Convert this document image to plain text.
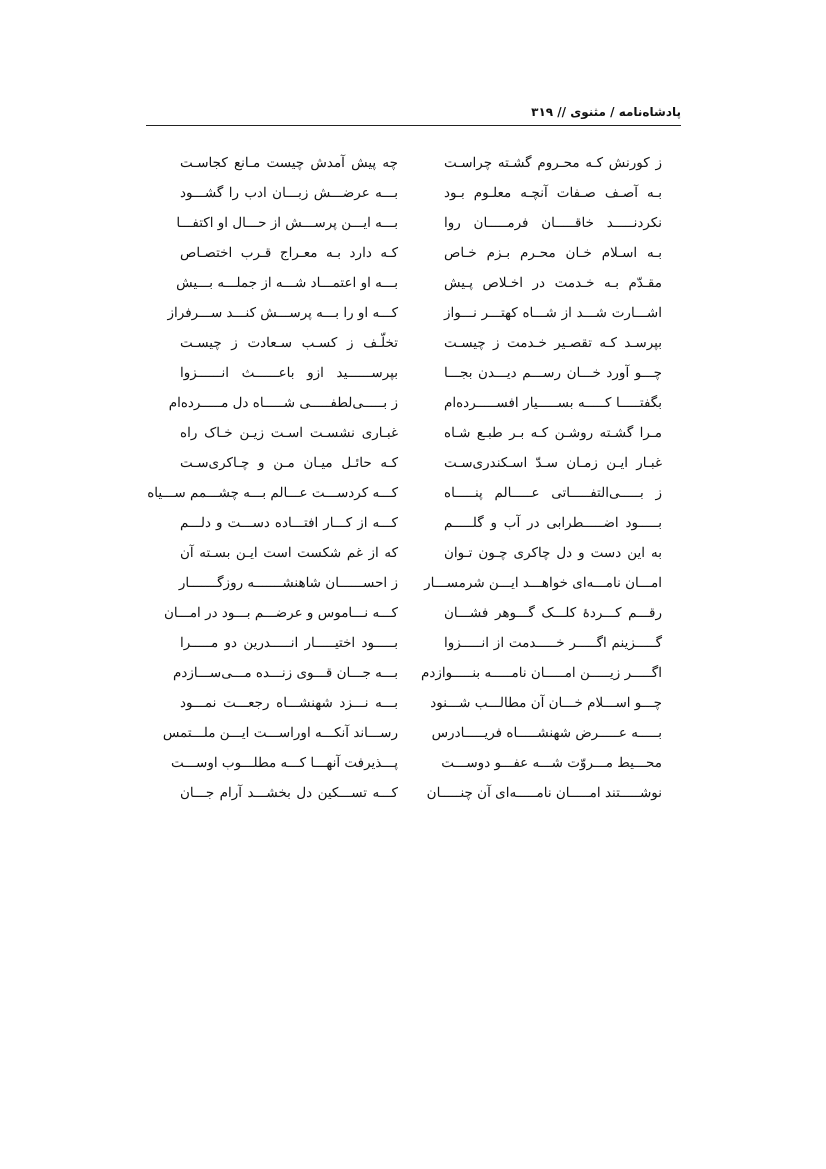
پادشاه‌نامه / مثنوی // ۳۱۹
ز کورنش کـه محـروم گشـته چراسـت
چه پیش آمدش چیست مـانع کجاسـت
بـه آصـف صـفات آنچـه معلـوم بـود
بـــه عرضـــش زبـــان ادب را گشـــود
نکردنـــــد خاقـــــان فرمـــــان روا
بـــه ایـــن پرســـش از حـــال او اکتفـــا
بـه اسـلام خـان محـرم بـزم خـاص
کـه دارد بـه معـراج قـرب اختصـاص
مقـدّم بـه خـدمت در اخـلاص پـیش
بـــه او اعتمـــاد شـــه از جملـــه بـــیش
اشـــارت شـــد از شـــاه کهتـــر نـــواز
کـــه او را بـــه پرســـش کنـــد ســـرفراز
بپرسـد کـه تقصـیر خـدمت ز چیسـت
تخلّـف ز کسـب سـعادت ز چیسـت
چـــو آورد خـــان رســـم دیـــدن بجـــا
بپرســــــید ازو باعــــــث انــــــزوا
بگفتـــــا کـــــه بســـــیار افســـــرده‌ام
ز بـــــی‌لطفـــــی شـــــاه دل مـــــرده‌ام
مـرا گشـته روشـن کـه بـر طبـع شـاه
غبـاری نشسـت اسـت زیـن خـاک راه
غبـار ایـن زمـان سـدّ اسـکندری‌سـت
کـه حائـل میـان مـن و چـاکری‌سـت
ز بـــــی‌التفـــــاتی عـــــالم پنـــــاه
کـــه کردســـت عـــالم بـــه چشـــمم ســـیاه
بـــــود اضـــــطرابی در آب و گلـــــم
کـــه از کـــار افتـــاده دســـت و دلـــم
به این دست و دل چاکری چـون تـوان
که از غم شکست است ایـن بسـته آن
امـــان نامـــه‌ای خواهـــد ایـــن شرمســـار
ز احســــــان شاهنشـــــــه روزگـــــــار
رقـــم کـــردهٔ کلـــک گـــوهر فشـــان
کـــه نـــاموس و عرضـــم بـــود در امـــان
گـــــزینم اگـــــر خـــــدمت از انـــــزوا
بـــــود اختیـــــار انـــــدرین دو مـــــرا
اگـــــر زیـــــن امـــــان نامـــــه بنـــــوازدم
بـــه جـــان قـــوی زنـــده مـــی‌ســـازدم
چـــو اســـلام خـــان آن مطالـــب شـــنود
بـــه نـــزد شهنشـــاه رجعـــت نمـــود
بـــــه عـــــرض شهنشـــــاه فریـــــادرس
رســـاند آنکـــه اوراســـت ایـــن ملـــتمس
محـــیط مـــروّت شـــه عفـــو دوســـت
پـــذیرفت آنهـــا کـــه مطلـــوب اوســـت
نوشـــــتند امـــــان نامـــــه‌ای آن چنـــــان
کـــه تســـکین دل بخشـــد آرام جـــان
